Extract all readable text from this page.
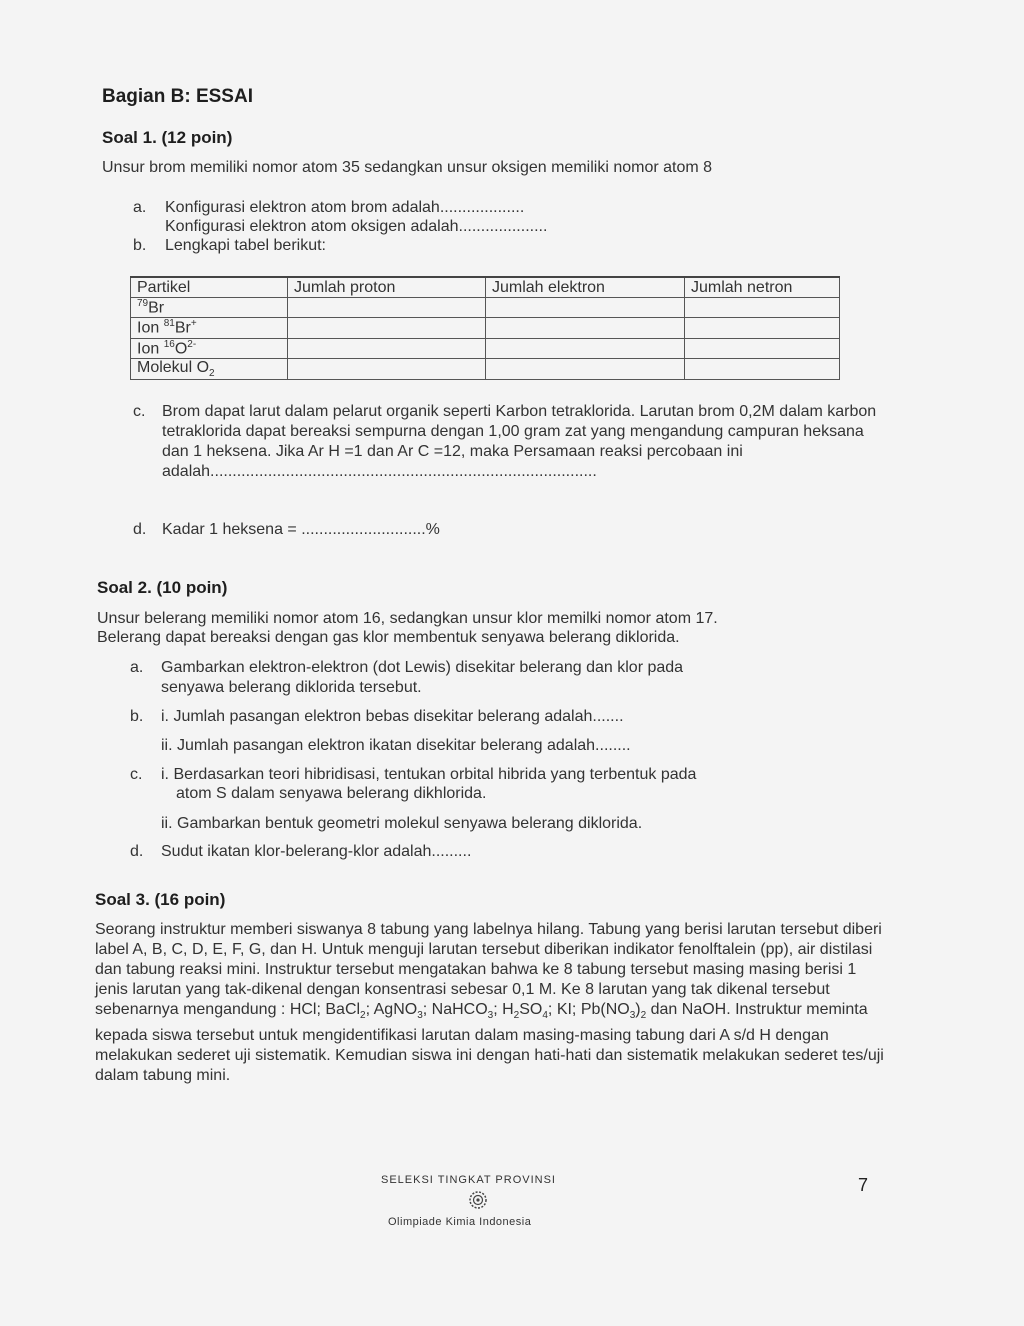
Bagian B: ESSAI
Soal 1. (12 poin)
Unsur brom memiliki nomor atom 35 sedangkan unsur oksigen memiliki nomor atom 8
a. Konfigurasi elektron atom brom adalah...................
Konfigurasi elektron atom oksigen adalah....................
b. Lengkapi tabel berikut:
Partikel	Jumlah proton	Jumlah elektron	Jumlah netron
$^{79}$Br			
Ion $^{81}$Br+			
Ion $^{16}O^{2-}$			
Molekul $O_2$			
c. Brom dapat larut dalam pelarut organik seperti Karbon tetraklorida. Larutan brom 0,2M dalam karbon tetraklorida dapat bereaksi sempurna dengan 1,00 gram zat yang mengandung campuran heksana dan 1 heksena. Jika Ar H =1 dan Ar C =12, maka Persamaan reaksi percobaan ini adalah.......................................................................................
d. Kadar 1 heksena = ............................%
Soal 2. (10 poin)
Unsur belerang memiliki nomor atom 16, sedangkan unsur klor memilki nomor atom 17.
Belerang dapat bereaksi dengan gas klor membentuk senyawa belerang diklorida.
a. Gambarkan elektron-elektron (dot Lewis) disekitar belerang dan klor pada
senyawa belerang diklorida tersebut.
b. i. Jumlah pasangan elektron bebas disekitar belerang adalah.......
ii. Jumlah pasangan elektron ikatan disekitar belerang adalah........
c. i. Berdasarkan teori hibridisasi, tentukan orbital hibrida yang terbentuk pada
atom S dalam senyawa belerang dikhlorida.
ii. Gambarkan bentuk geometri molekul senyawa belerang diklorida.
d. Sudut ikatan klor-belerang-klor adalah.........
Soal 3. (16 poin)
Seorang instruktur memberi siswanya 8 tabung yang labelnya hilang. Tabung yang berisi larutan tersebut diberi label A, B, C, D, E, F, G, dan H. Untuk menguji larutan tersebut diberikan indikator fenolftalein (pp), air distilasi dan tabung reaksi mini. Instruktur tersebut mengatakan bahwa ke 8 tabung tersebut masing masing berisi 1 jenis larutan yang tak-dikenal dengan konsentrasi sebesar 0,1 M. Ke 8 larutan yang tak dikenal tersebut sebenarnya mengandung : HCl; BaCl$_2$; AgNO$_3$; NaHCO$_3$; $H_2SO_4$; KI; $Pb(NO_3)_2$ dan NaOH. Instruktur meminta kepada siswa tersebut untuk mengidentifikasi larutan dalam masing-masing tabung dari A s/d H dengan melakukan sederet uji sistematik. Kemudian siswa ini dengan hati-hati dan sistematik melakukan sederet tes/uji dalam tabung mini.
SELEKSI TINGKAT PROVINSI
Olimpiade Kimia Indonesia
7
